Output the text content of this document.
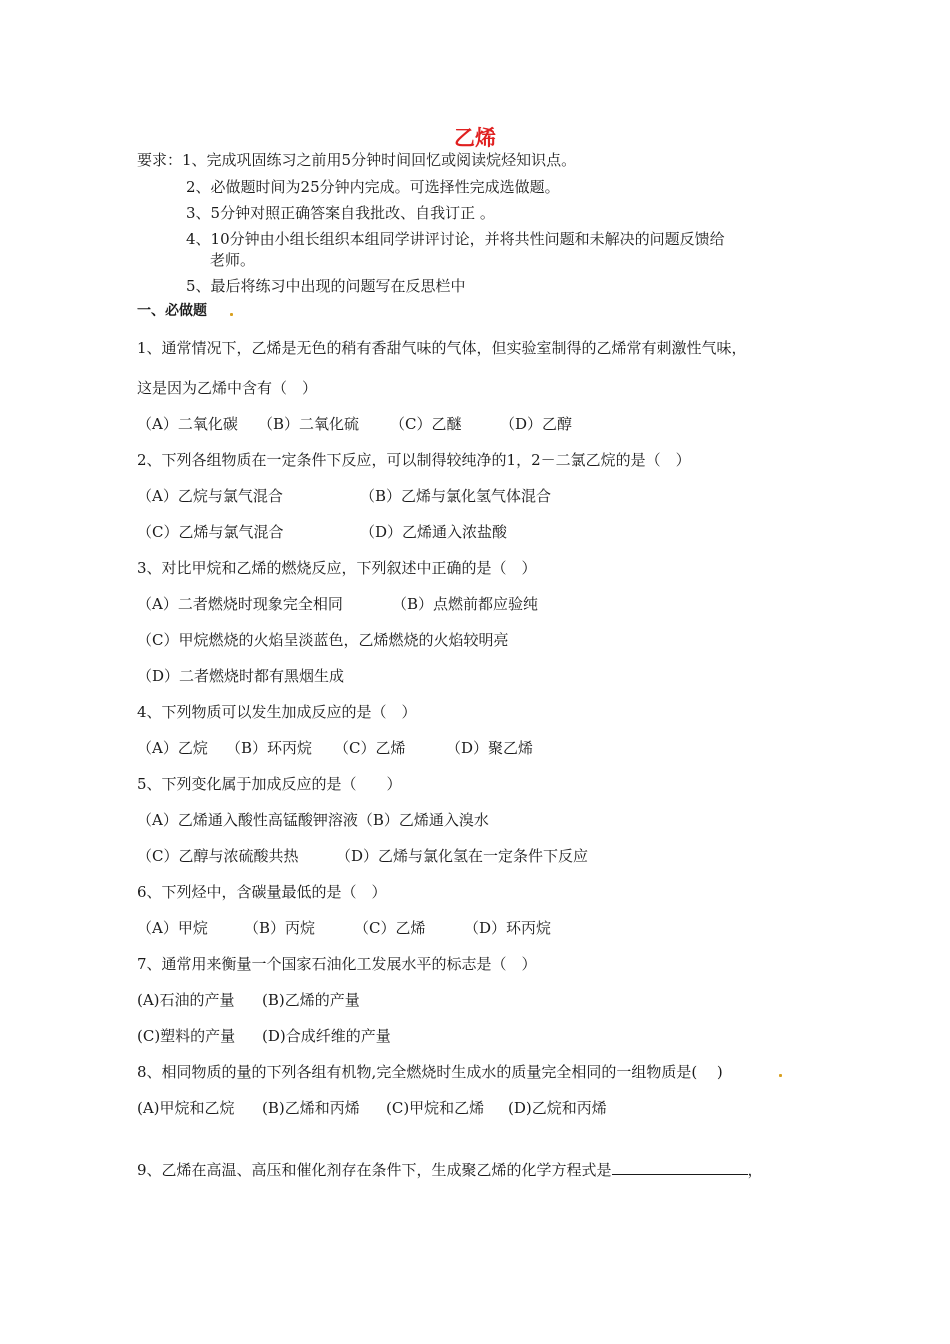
乙烯
要求：1、完成巩固练习之前用5分钟时间回忆或阅读烷烃知识点。
2、必做题时间为25分钟内完成。可选择性完成选做题。
3、5分钟对照正确答案自我批改、自我订正 。
4、10分钟由小组长组织本组同学讲评讨论，并将共性问题和未解决的问题反馈给
老师。
5、最后将练习中出现的问题写在反思栏中
一、必做题
1、通常情况下，乙烯是无色的稍有香甜气味的气体，但实验室制得的乙烯常有刺激性气味，
这是因为乙烯中含有（　）
（A）二氧化碳 （B）二氧化硫 （C）乙醚	（D）乙醇
2、下列各组物质在一定条件下反应，可以制得较纯净的1，2－二氯乙烷的是（　）
（A）乙烷与氯气混合	（B）乙烯与氯化氢气体混合
（C）乙烯与氯气混合	（D）乙烯通入浓盐酸
3、对比甲烷和乙烯的燃烧反应，下列叙述中正确的是（　）
（A）二者燃烧时现象完全相同	（B）点燃前都应验纯
（C）甲烷燃烧的火焰呈淡蓝色，乙烯燃烧的火焰较明亮
（D）二者燃烧时都有黑烟生成
4、下列物质可以发生加成反应的是（　）
（A）乙烷 （B）环丙烷 （C）乙烯	（D）聚乙烯
5、下列变化属于加成反应的是（　　）
（A）乙烯通入酸性高锰酸钾溶液（B）乙烯通入溴水
（C）乙醇与浓硫酸共热	（D）乙烯与氯化氢在一定条件下反应
6、下列烃中，含碳量最低的是（　）
（A）甲烷 （B）丙烷	（C）乙烯	（D）环丙烷
7、通常用来衡量一个国家石油化工发展水平的标志是（　）
(A)石油的产量 (B)乙烯的产量
(C)塑料的产量 (D)合成纤维的产量
8、相同物质的量的下列各组有机物,完全燃烧时生成水的质量完全相同的一组物质是(　 )
(A)甲烷和乙烷 (B)乙烯和丙烯 (C)甲烷和乙烯 (D)乙烷和丙烯
9、乙烯在高温、高压和催化剂存在条件下，生成聚乙烯的化学方程式是	，
